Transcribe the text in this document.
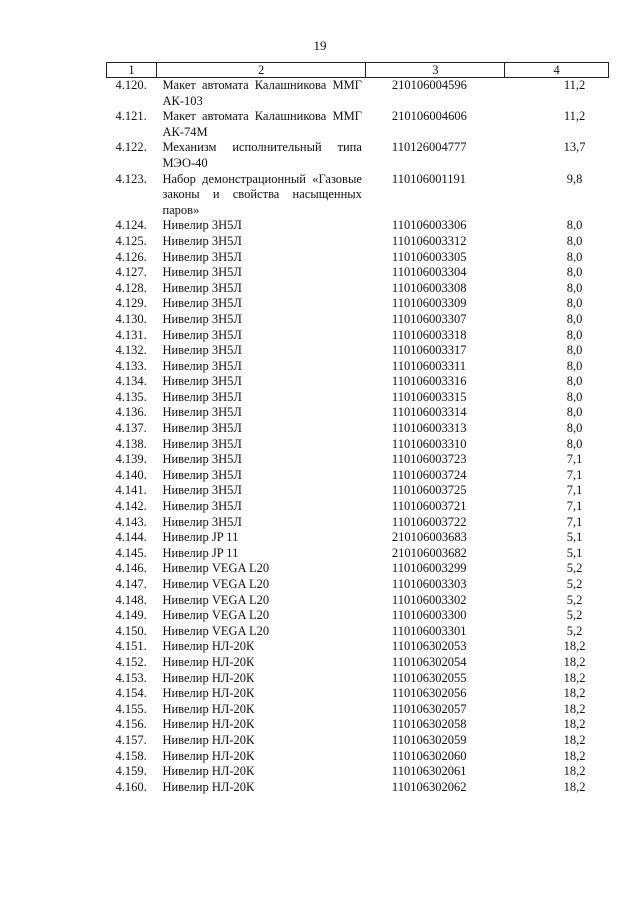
19
1	2	3	4
4.120.	Макет автомата Калашникова ММГ АК-103	210106004596	11,2
4.121.	Макет автомата Калашникова ММГ АК-74М	210106004606	11,2
4.122.	Механизм исполнительный типа МЭО-40	110126004777	13,7
4.123.	Набор демонстрационный «Газовые законы и свойства насыщенных паров»	110106001191	9,8
4.124.	Нивелир 3Н5Л	110106003306	8,0
4.125.	Нивелир 3Н5Л	110106003312	8,0
4.126.	Нивелир 3Н5Л	110106003305	8,0
4.127.	Нивелир 3Н5Л	110106003304	8,0
4.128.	Нивелир 3Н5Л	110106003308	8,0
4.129.	Нивелир 3Н5Л	110106003309	8,0
4.130.	Нивелир 3Н5Л	110106003307	8,0
4.131.	Нивелир 3Н5Л	110106003318	8,0
4.132.	Нивелир 3Н5Л	110106003317	8,0
4.133.	Нивелир 3Н5Л	110106003311	8,0
4.134.	Нивелир 3Н5Л	110106003316	8,0
4.135.	Нивелир 3Н5Л	110106003315	8,0
4.136.	Нивелир 3Н5Л	110106003314	8,0
4.137.	Нивелир 3Н5Л	110106003313	8,0
4.138.	Нивелир 3Н5Л	110106003310	8,0
4.139.	Нивелир 3Н5Л	110106003723	7,1
4.140.	Нивелир 3Н5Л	110106003724	7,1
4.141.	Нивелир 3Н5Л	110106003725	7,1
4.142.	Нивелир 3Н5Л	110106003721	7,1
4.143.	Нивелир 3Н5Л	110106003722	7,1
4.144.	Нивелир JP 11	210106003683	5,1
4.145.	Нивелир JP 11	210106003682	5,1
4.146.	Нивелир VEGA L20	110106003299	5,2
4.147.	Нивелир VEGA L20	110106003303	5,2
4.148.	Нивелир VEGA L20	110106003302	5,2
4.149.	Нивелир VEGA L20	110106003300	5,2
4.150.	Нивелир VEGA L20	110106003301	5,2
4.151.	Нивелир НЛ-20К	110106302053	18,2
4.152.	Нивелир НЛ-20К	110106302054	18,2
4.153.	Нивелир НЛ-20К	110106302055	18,2
4.154.	Нивелир НЛ-20К	110106302056	18,2
4.155.	Нивелир НЛ-20К	110106302057	18,2
4.156.	Нивелир НЛ-20К	110106302058	18,2
4.157.	Нивелир НЛ-20К	110106302059	18,2
4.158.	Нивелир НЛ-20К	110106302060	18,2
4.159.	Нивелир НЛ-20К	110106302061	18,2
4.160.	Нивелир НЛ-20К	110106302062	18,2
